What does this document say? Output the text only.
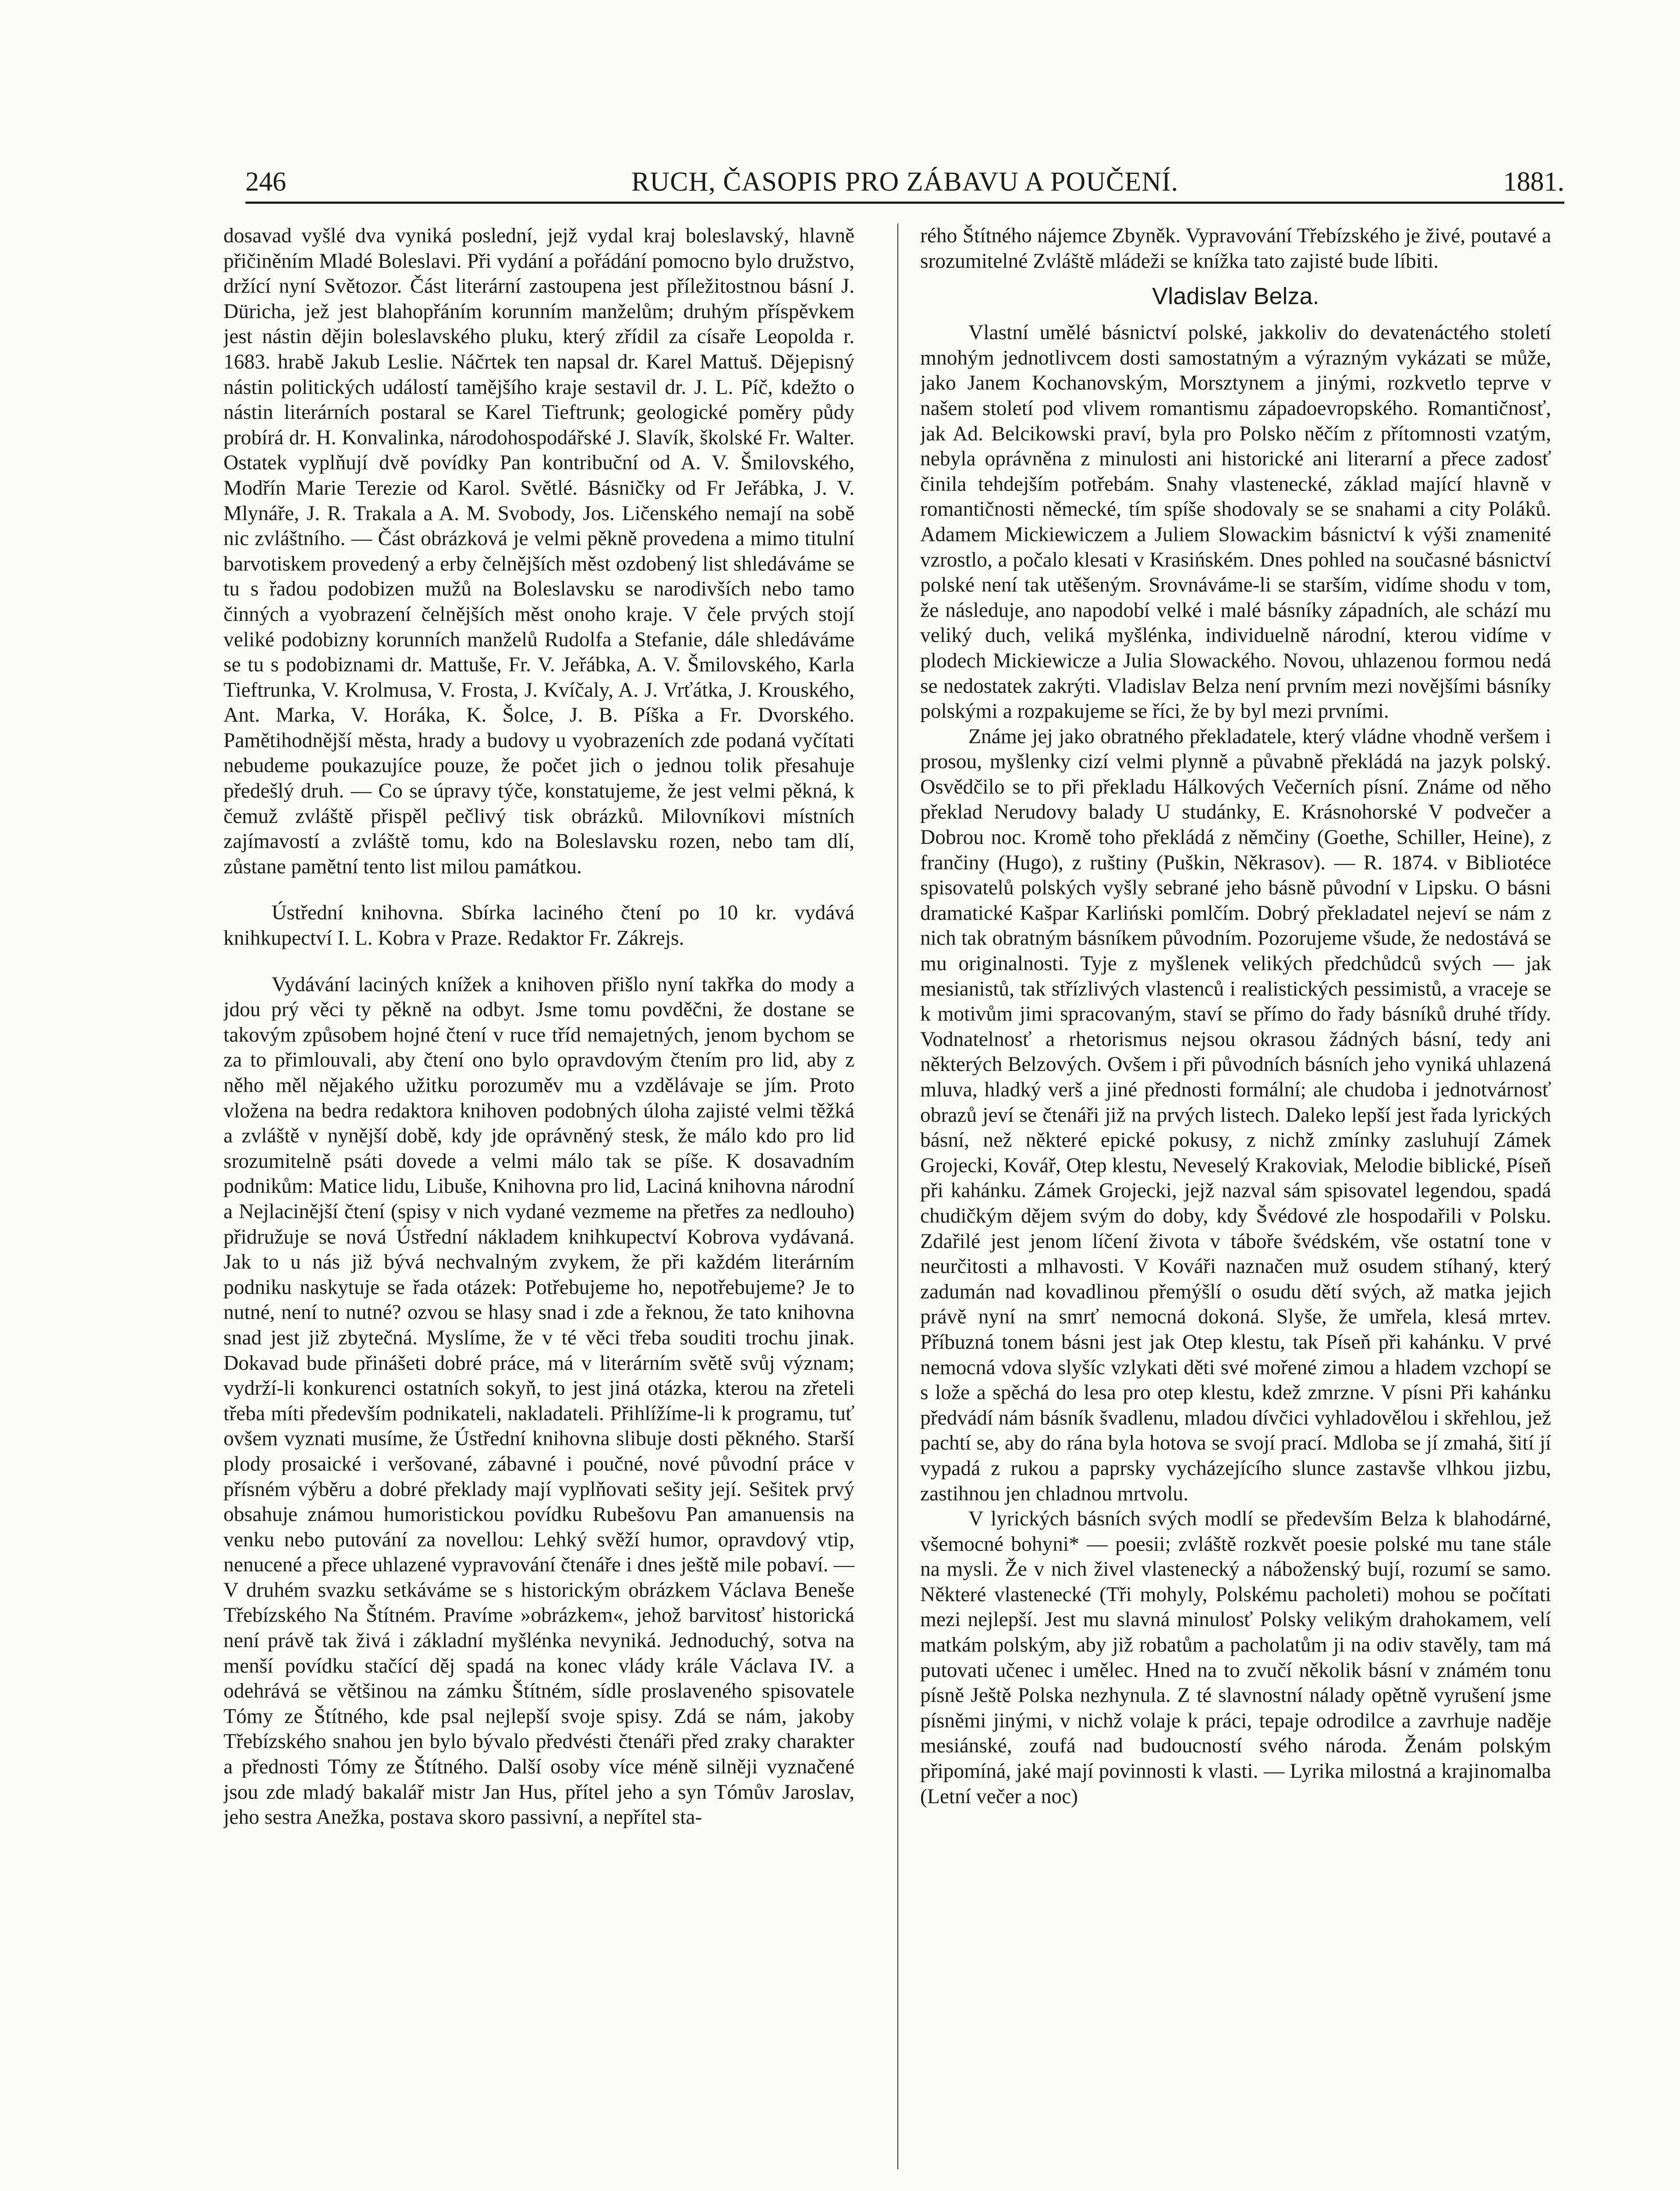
246	RUCH, ČASOPIS PRO ZÁBAVU A POUČENÍ.	1881.

dosavad vyšlé dva vyniká poslední, jejž vydal kraj boleslavský, hlavně přičiněním Mladé Boleslavi. Při vydání a pořádání pomocno bylo družstvo, držící nyní Světozor. Část literární zastoupena jest příležitostnou básní J. Düricha, jež jest blahopřáním korunním manželům; druhým příspěvkem jest nástin dějin boleslavského pluku, který zřídil za císaře Leopolda r. 1683. hrabě Jakub Leslie. Náčrtek ten napsal dr. Karel Mattuš. Dějepisný nástin politických událostí tamějšího kraje sestavil dr. J. L. Píč, kdežto o nástin literárních postaral se Karel Tieftrunk; geologické poměry půdy probírá dr. H. Konvalinka, národohospodářské J. Slavík, školské Fr. Walter. Ostatek vyplňují dvě povídky Pan kontribuční od A. V. Šmilovského, Modřín Marie Terezie od Karol. Světlé. Básničky od Fr Jeřábka, J. V. Mlynáře, J. R. Trakala a A. M. Svobody, Jos. Ličenského nemají na sobě nic zvláštního. — Část obrázková je velmi pěkně provedena a mimo titulní barvotiskem provedený a erby čelnějších měst ozdobený list shledáváme se tu s řadou podobizen mužů na Boleslavsku se narodivších nebo tamo činných a vyobrazení čelnějších měst onoho kraje. V čele prvých stojí veliké podobizny korunních manželů Rudolfa a Stefanie, dále shledáváme se tu s podobiznami dr. Mattuše, Fr. V. Jeřábka, A. V. Šmilovského, Karla Tieftrunka, V. Krolmusa, V. Frosta, J. Kvíčaly, A. J. Vrťátka, J. Krouského, Ant. Marka, V. Horáka, K. Šolce, J. B. Píška a Fr. Dvorského. Pamětihodnější města, hrady a budovy u vyobrazeních zde podaná vyčítati nebudeme poukazujíce pouze, že počet jich o jednou tolik přesahuje předešlý druh. — Co se úpravy týče, konstatujeme, že jest velmi pěkná, k čemuž zvláště přispěl pečlivý tisk obrázků. Milovníkovi místních zajímavostí a zvláště tomu, kdo na Boleslavsku rozen, nebo tam dlí, zůstane pamětní tento list milou památkou.

Ústřední knihovna. Sbírka laciného čtení po 10 kr. vydává knihkupectví I. L. Kobra v Praze. Redaktor Fr. Zákrejs.

Vydávání laciných knížek a knihoven přišlo nyní takřka do mody a jdou prý věci ty pěkně na odbyt. Jsme tomu povděčni, že dostane se takovým způsobem hojné čtení v ruce tříd nemajetných, jenom bychom se za to přimlouvali, aby čtení ono bylo opravdovým čtením pro lid, aby z něho měl nějakého užitku porozuměv mu a vzdělávaje se jím. Proto vložena na bedra redaktora knihoven podobných úloha zajisté velmi těžká a zvláště v nynější době, kdy jde oprávněný stesk, že málo kdo pro lid srozumitelně psáti dovede a velmi málo tak se píše. K dosavadním podnikům: Matice lidu, Libuše, Knihovna pro lid, Laciná knihovna národní a Nejlacinější čtení (spisy v nich vydané vezmeme na přetřes za nedlouho) přidružuje se nová Ústřední nákladem knihkupectví Kobrova vydávaná. Jak to u nás již bývá nechvalným zvykem, že při každém literárním podniku naskytuje se řada otázek: Potřebujeme ho, nepotřebujeme? Je to nutné, není to nutné? ozvou se hlasy snad i zde a řeknou, že tato knihovna snad jest již zbytečná. Myslíme, že v té věci třeba souditi trochu jinak. Dokavad bude přinášeti dobré práce, má v literárním světě svůj význam; vydrží-li konkurenci ostatních sokyň, to jest jiná otázka, kterou na zřeteli třeba míti především podnikateli, nakladateli. Přihlížíme-li k programu, tuť ovšem vyznati musíme, že Ústřední knihovna slibuje dosti pěkného. Starší plody prosaické i veršované, zábavné i poučné, nové původní práce v přísném výběru a dobré překlady mají vyplňovati sešity její. Sešitek prvý obsahuje známou humoristickou povídku Rubešovu Pan amanuensis na venku nebo putování za novellou: Lehký svěží humor, opravdový vtip, nenucené a přece uhlazené vypravování čtenáře i dnes ještě mile pobaví. — V druhém svazku setkáváme se s historickým obrázkem Václava Beneše Třebízského Na Štítném. Pravíme »obrázkem«, jehož barvitosť historická není právě tak živá i základní myšlénka nevyniká. Jednoduchý, sotva na menší povídku stačící děj spadá na konec vlády krále Václava IV. a odehrává se většinou na zámku Štítném, sídle proslaveného spisovatele Tómy ze Štítného, kde psal nejlepší svoje spisy. Zdá se nám, jakoby Třebízského snahou jen bylo bývalo předvésti čtenáři před zraky charakter a přednosti Tómy ze Štítného. Další osoby více méně silněji vyznačené jsou zde mladý bakalář mistr Jan Hus, přítel jeho a syn Tómův Jaroslav, jeho sestra Anežka, postava skoro passivní, a nepřítel sta-

rého Štítného nájemce Zbyněk. Vypravování Třebízského je živé, poutavé a srozumitelné Zvláště mládeži se knížka tato zajisté bude líbiti.

Vladislav Belza.

Vlastní umělé básnictví polské, jakkoliv do devatenáctého století mnohým jednotlivcem dosti samostatným a výrazným vykázati se může, jako Janem Kochanovským, Morsztynem a jinými, rozkvetlo teprve v našem století pod vlivem romantismu západoevropského. Romantičnosť, jak Ad. Belcikowski praví, byla pro Polsko něčím z přítomnosti vzatým, nebyla oprávněna z minulosti ani historické ani literarní a přece zadosť činila tehdejším potřebám. Snahy vlastenecké, základ mající hlavně v romantičnosti německé, tím spíše shodovaly se se snahami a city Poláků. Adamem Mickiewiczem a Juliem Slowackim básnictví k výši znamenité vzrostlo, a počalo klesati v Krasińském. Dnes pohled na současné básnictví polské není tak utěšeným. Srovnáváme-li se starším, vidíme shodu v tom, že následuje, ano napodobí velké i malé básníky západních, ale schází mu veliký duch, veliká myšlénka, individuelně národní, kterou vidíme v plodech Mickiewicze a Julia Slowackého. Novou, uhlazenou formou nedá se nedostatek zakrýti. Vladislav Belza není prvním mezi novějšími básníky polskými a rozpakujeme se říci, že by byl mezi prvními.

Známe jej jako obratného překladatele, který vládne vhodně veršem i prosou, myšlenky cizí velmi plynně a půvabně překládá na jazyk polský. Osvědčilo se to při překladu Hálkových Večerních písní. Známe od něho překlad Nerudovy balady U studánky, E. Krásnohorské V podvečer a Dobrou noc. Kromě toho překládá z němčiny (Goethe, Schiller, Heine), z frančiny (Hugo), z ruštiny (Puškin, Někrasov). — R. 1874. v Bibliotéce spisovatelů polských vyšly sebrané jeho básně původní v Lipsku. O básni dramatické Kašpar Karliński pomlčím. Dobrý překladatel nejeví se nám z nich tak obratným básníkem původním. Pozorujeme všude, že nedostává se mu originalnosti. Tyje z myšlenek velikých předchůdců svých — jak mesianistů, tak střízlivých vlastenců i realistických pessimistů, a vraceje se k motivům jimi spracovaným, staví se přímo do řady básníků druhé třídy. Vodnatelnosť a rhetorismus nejsou okrasou žádných básní, tedy ani některých Belzových. Ovšem i při původních básních jeho vyniká uhlazená mluva, hladký verš a jiné přednosti formální; ale chudoba i jednotvárnosť obrazů jeví se čtenáři již na prvých listech. Daleko lepší jest řada lyrických básní, než některé epické pokusy, z nichž zmínky zasluhují Zámek Grojecki, Kovář, Otep klestu, Neveselý Krakoviak, Melodie biblické, Píseň při kahánku. Zámek Grojecki, jejž nazval sám spisovatel legendou, spadá chudičkým dějem svým do doby, kdy Švédové zle hospodařili v Polsku. Zdařilé jest jenom líčení života v táboře švédském, vše ostatní tone v neurčitosti a mlhavosti. V Kováři naznačen muž osudem stíhaný, který zadumán nad kovadlinou přemýšlí o osudu dětí svých, až matka jejich právě nyní na smrť nemocná dokoná. Slyše, že umřela, klesá mrtev. Příbuzná tonem básni jest jak Otep klestu, tak Píseň při kahánku. V prvé nemocná vdova slyšíc vzlykati děti své mořené zimou a hladem vzchopí se s lože a spěchá do lesa pro otep klestu, kdež zmrzne. V písni Při kahánku předvádí nám básník švadlenu, mladou dívčici vyhladovělou i skřehlou, jež pachtí se, aby do rána byla hotova se svojí prací. Mdloba se jí zmahá, šití jí vypadá z rukou a paprsky vycházejícího slunce zastavše vlhkou jizbu, zastihnou jen chladnou mrtvolu.

V lyrických básních svých modlí se především Belza k blahodárné, všemocné bohyni* — poesii; zvláště rozkvět poesie polské mu tane stále na mysli. Že v nich živel vlastenecký a náboženský bují, rozumí se samo. Některé vlastenecké (Tři mohyly, Polskému pacholeti) mohou se počítati mezi nejlepší. Jest mu slavná minulosť Polsky velikým drahokamem, velí matkám polským, aby již robatům a pacholatům ji na odiv stavěly, tam má putovati učenec i umělec. Hned na to zvučí několik básní v známém tonu písně Ještě Polska nezhynula. Z té slavnostní nálady opětně vyrušení jsme písněmi jinými, v nichž volaje k práci, tepaje odrodilce a zavrhuje naděje mesiánské, zoufá nad budoucností svého národa. Ženám polským připomíná, jaké mají povinnosti k vlasti. — Lyrika milostná a krajinomalba (Letní večer a noc)
